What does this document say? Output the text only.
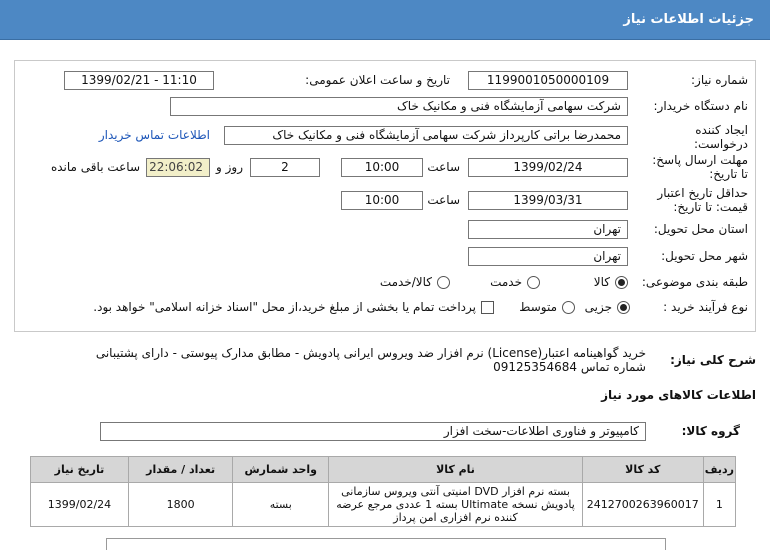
جزئیات اطلاعات نیاز
شماره نیاز:
1199001050000109
تاریخ و ساعت اعلان عمومی:
1399/02/21 - 11:10
نام دستگاه خریدار:
شرکت سهامی آزمایشگاه فنی و مکانیک خاک
ایجاد کننده
درخواست:
محمدرضا براتی کارپرداز شرکت سهامی آزمایشگاه فنی و مکانیک خاک
اطلاعات تماس خریدار
مهلت ارسال پاسخ:
تا تاریخ:
1399/02/24
ساعت
10:00
2
روز و
22:06:02
ساعت باقی مانده
حداقل تاریخ اعتبار
قیمت: تا تاریخ:
1399/03/31
ساعت
10:00
استان محل تحویل:
تهران
شهر محل تحویل:
تهران
طبقه بندی موضوعی:
کالا
خدمت
کالا/خدمت
نوع فرآیند خرید :
جزیی
متوسط
پرداخت تمام یا بخشی از مبلغ خرید،از محل "اسناد خزانه اسلامی" خواهد بود.
شرح کلی نیاز:
خرید گواهینامه اعتبار(License) نرم افزار ضد ویروس ایرانی پادویش - مطابق مدارک پیوستی - دارای پشتیبانی شماره تماس 09125354684
اطلاعات کالاهای مورد نیاز
گروه کالا:
کامپیوتر و فناوری اطلاعات-سخت افزار
ردیف	کد کالا	نام کالا	واحد شمارش	تعداد / مقدار	تاریخ نیاز
1	2412700263960017	بسته نرم افزار DVD امنیتی آنتی ویروس سازمانی پادویش نسخه Ultimate بسته 1 عددی مرجع عرضه کننده نرم افزاری امن پرداز	بسته	1800	1399/02/24
